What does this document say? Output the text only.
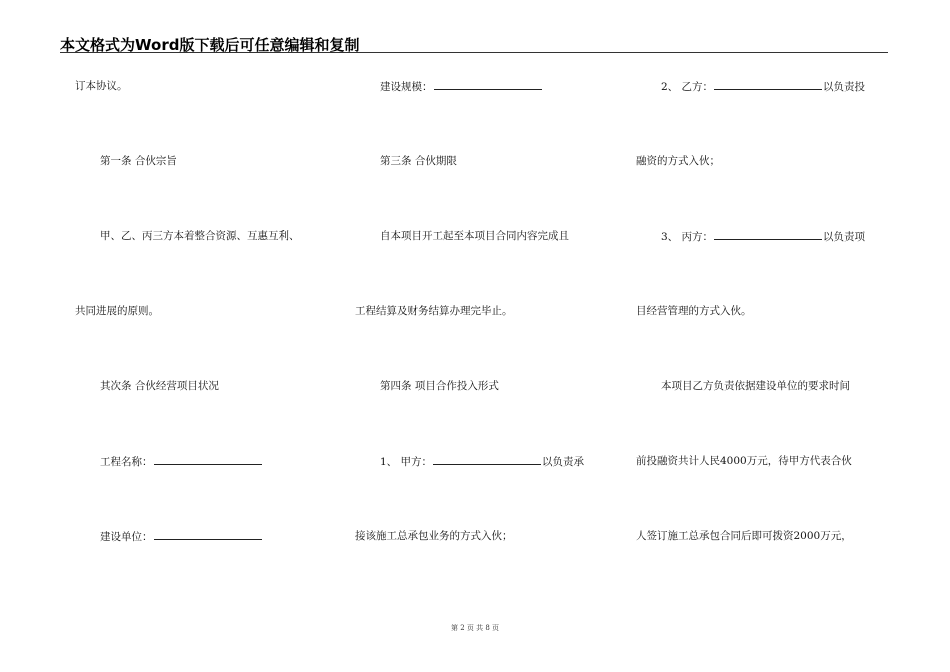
本文格式为Word版下载后可任意编辑和复制
订本协议。
第一条 合伙宗旨
甲、乙、丙三方本着整合资源、互惠互利、
共同进展的原则。
其次条 合伙经营项目状况
工程名称：
建设单位：
建设规模：
第三条 合伙期限
自本项目开工起至本项目合同内容完成且
工程结算及财务结算办理完毕止。
第四条 项目合作投入形式
1、 甲方：	以负责承
接该施工总承包业务的方式入伙；
2、 乙方：	以负责投
融资的方式入伙；
3、 丙方：	以负责项
目经营管理的方式入伙。
本项目乙方负责依据建设单位的要求时间
前投融资共计人民4000万元，待甲方代表合伙
人签订施工总承包合同后即可拨资2000万元，
第 2 页 共 8 页
